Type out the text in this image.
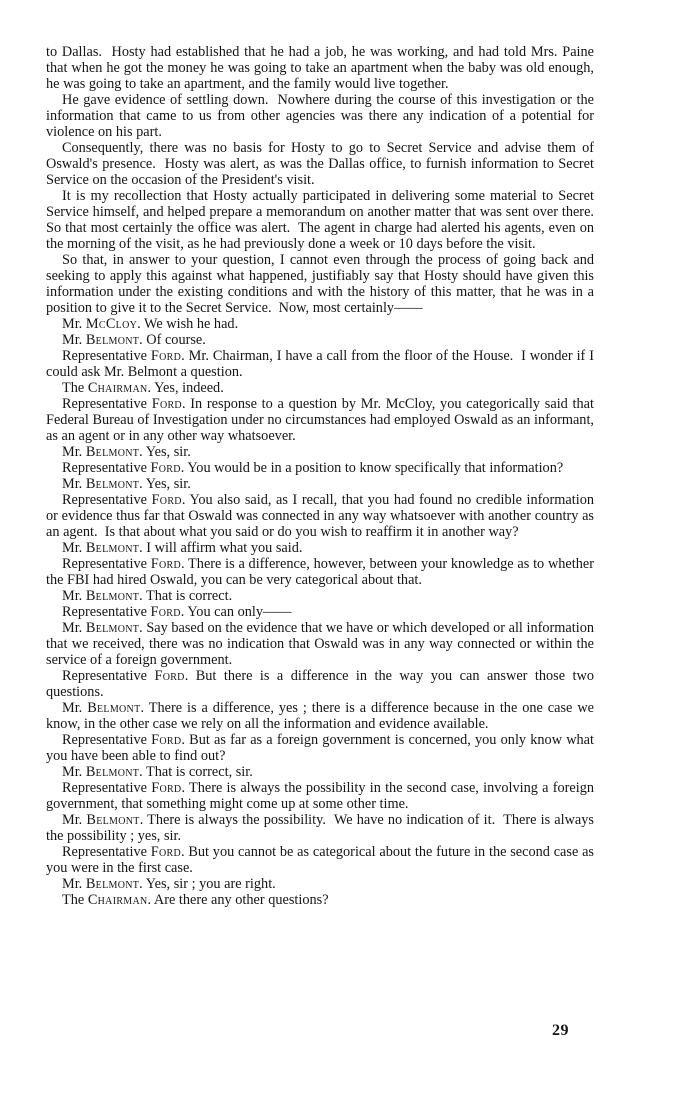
to Dallas.  Hosty had established that he had a job, he was working, and had told Mrs. Paine that when he got the money he was going to take an apartment when the baby was old enough, he was going to take an apartment, and the family would live together.

He gave evidence of settling down.  Nowhere during the course of this investigation or the information that came to us from other agencies was there any indication of a potential for violence on his part.

Consequently, there was no basis for Hosty to go to Secret Service and advise them of Oswald's presence.  Hosty was alert, as was the Dallas office, to furnish information to Secret Service on the occasion of the President's visit.

It is my recollection that Hosty actually participated in delivering some material to Secret Service himself, and helped prepare a memorandum on another matter that was sent over there.  So that most certainly the office was alert.  The agent in charge had alerted his agents, even on the morning of the visit, as he had previously done a week or 10 days before the visit.

So that, in answer to your question, I cannot even through the process of going back and seeking to apply this against what happened, justifiably say that Hosty should have given this information under the existing conditions and with the history of this matter, that he was in a position to give it to the Secret Service.  Now, most certainly——

Mr. McCloy. We wish he had.

Mr. Belmont. Of course.

Representative Ford. Mr. Chairman, I have a call from the floor of the House.  I wonder if I could ask Mr. Belmont a question.

The Chairman. Yes, indeed.

Representative Ford. In response to a question by Mr. McCloy, you categorically said that Federal Bureau of Investigation under no circumstances had employed Oswald as an informant, as an agent or in any other way whatsoever.

Mr. Belmont. Yes, sir.

Representative Ford. You would be in a position to know specifically that information?

Mr. Belmont. Yes, sir.

Representative Ford. You also said, as I recall, that you had found no credible information or evidence thus far that Oswald was connected in any way whatsoever with another country as an agent.  Is that about what you said or do you wish to reaffirm it in another way?

Mr. Belmont. I will affirm what you said.

Representative Ford. There is a difference, however, between your knowledge as to whether the FBI had hired Oswald, you can be very categorical about that.

Mr. Belmont. That is correct.

Representative Ford. You can only——

Mr. Belmont. Say based on the evidence that we have or which developed or all information that we received, there was no indication that Oswald was in any way connected or within the service of a foreign government.

Representative Ford. But there is a difference in the way you can answer those two questions.

Mr. Belmont. There is a difference, yes ; there is a difference because in the one case we know, in the other case we rely on all the information and evidence available.

Representative Ford. But as far as a foreign government is concerned, you only know what you have been able to find out?

Mr. Belmont. That is correct, sir.

Representative Ford. There is always the possibility in the second case, involving a foreign government, that something might come up at some other time.

Mr. Belmont. There is always the possibility.  We have no indication of it.  There is always the possibility ; yes, sir.

Representative Ford. But you cannot be as categorical about the future in the second case as you were in the first case.

Mr. Belmont. Yes, sir ; you are right.

The Chairman. Are there any other questions?

29
